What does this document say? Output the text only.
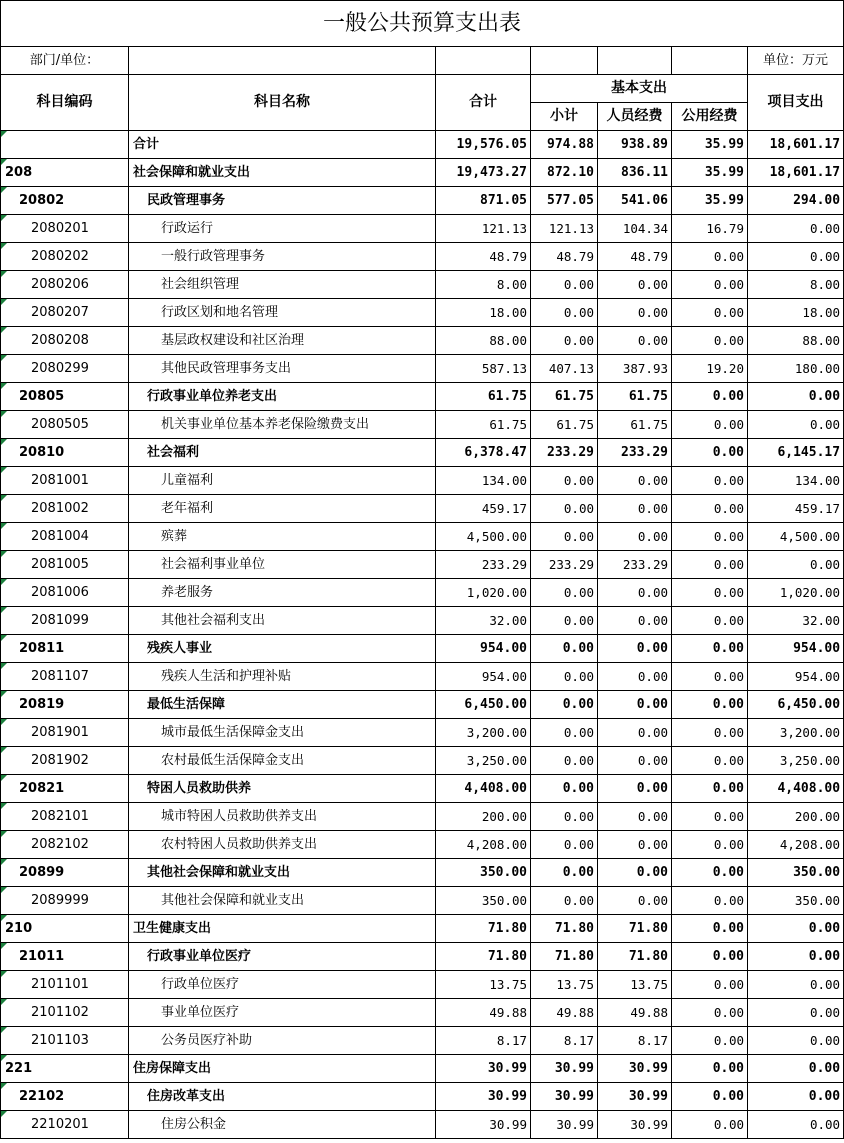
一般公共预算支出表						
部门/单位：						单位：万元
科目编码	科目名称	合计	基本支出			项目支出
			小计	人员经费	公用经费	

	合计	19,576.05	974.88	938.89	35.99	18,601.17

208	社会保障和就业支出	19,473.27	872.10	836.11	35.99	18,601.17

20802	民政管理事务	871.05	577.05	541.06	35.99	294.00

2080201	行政运行	121.13	121.13	104.34	16.79	0.00

2080202	一般行政管理事务	48.79	48.79	48.79	0.00	0.00

2080206	社会组织管理	8.00	0.00	0.00	0.00	8.00

2080207	行政区划和地名管理	18.00	0.00	0.00	0.00	18.00

2080208	基层政权建设和社区治理	88.00	0.00	0.00	0.00	88.00

2080299	其他民政管理事务支出	587.13	407.13	387.93	19.20	180.00

20805	行政事业单位养老支出	61.75	61.75	61.75	0.00	0.00

2080505	机关事业单位基本养老保险缴费支出	61.75	61.75	61.75	0.00	0.00

20810	社会福利	6,378.47	233.29	233.29	0.00	6,145.17

2081001	儿童福利	134.00	0.00	0.00	0.00	134.00

2081002	老年福利	459.17	0.00	0.00	0.00	459.17

2081004	殡葬	4,500.00	0.00	0.00	0.00	4,500.00

2081005	社会福利事业单位	233.29	233.29	233.29	0.00	0.00

2081006	养老服务	1,020.00	0.00	0.00	0.00	1,020.00

2081099	其他社会福利支出	32.00	0.00	0.00	0.00	32.00

20811	残疾人事业	954.00	0.00	0.00	0.00	954.00

2081107	残疾人生活和护理补贴	954.00	0.00	0.00	0.00	954.00

20819	最低生活保障	6,450.00	0.00	0.00	0.00	6,450.00

2081901	城市最低生活保障金支出	3,200.00	0.00	0.00	0.00	3,200.00

2081902	农村最低生活保障金支出	3,250.00	0.00	0.00	0.00	3,250.00

20821	特困人员救助供养	4,408.00	0.00	0.00	0.00	4,408.00

2082101	城市特困人员救助供养支出	200.00	0.00	0.00	0.00	200.00

2082102	农村特困人员救助供养支出	4,208.00	0.00	0.00	0.00	4,208.00

20899	其他社会保障和就业支出	350.00	0.00	0.00	0.00	350.00

2089999	其他社会保障和就业支出	350.00	0.00	0.00	0.00	350.00

210	卫生健康支出	71.80	71.80	71.80	0.00	0.00

21011	行政事业单位医疗	71.80	71.80	71.80	0.00	0.00

2101101	行政单位医疗	13.75	13.75	13.75	0.00	0.00

2101102	事业单位医疗	49.88	49.88	49.88	0.00	0.00

2101103	公务员医疗补助	8.17	8.17	8.17	0.00	0.00

221	住房保障支出	30.99	30.99	30.99	0.00	0.00

22102	住房改革支出	30.99	30.99	30.99	0.00	0.00

2210201	住房公积金	30.99	30.99	30.99	0.00	0.00
